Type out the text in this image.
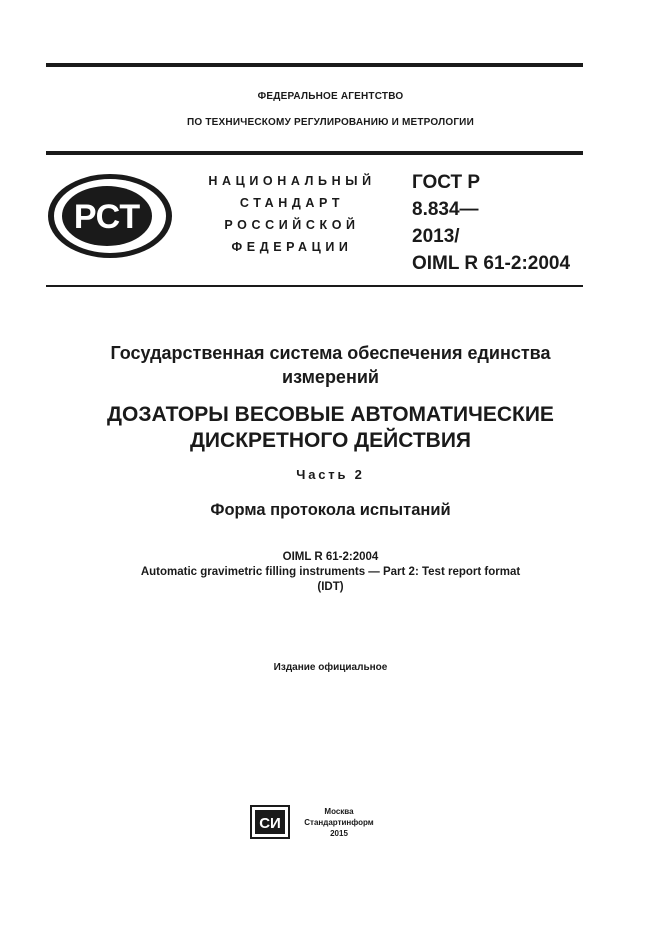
ФЕДЕРАЛЬНОЕ АГЕНТСТВО
ПО ТЕХНИЧЕСКОМУ РЕГУЛИРОВАНИЮ И МЕТРОЛОГИИ
РСТ
НАЦИОНАЛЬНЫЙ
СТАНДАРТ
РОССИЙСКОЙ
ФЕДЕРАЦИИ
ГОСТ Р
8.834—
2013/
OIML R 61-2:2004
Государственная система обеспечения единства
измерений
ДОЗАТОРЫ ВЕСОВЫЕ АВТОМАТИЧЕСКИЕ
ДИСКРЕТНОГО ДЕЙСТВИЯ
Часть 2
Форма протокола испытаний
OIML R 61-2:2004
Automatic gravimetric filling instruments — Part 2: Test report format
(IDT)
Издание официальное
СИ
Москва
Стандартинформ
2015
